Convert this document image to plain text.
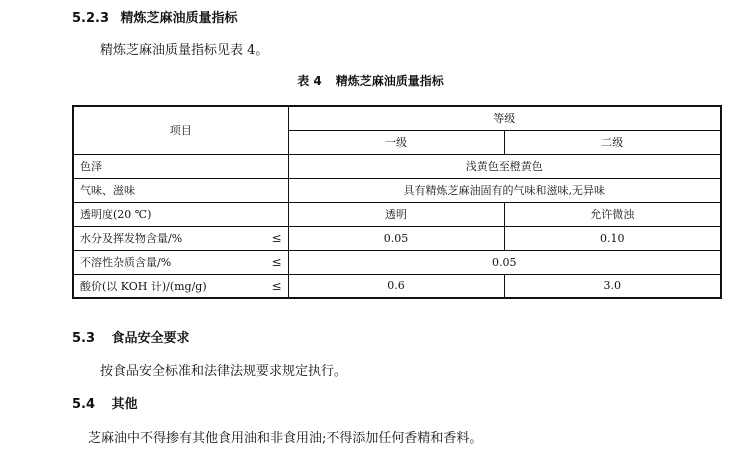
5.2.3 精炼芝麻油质量指标
精炼芝麻油质量指标见表 4。
表 4 精炼芝麻油质量指标
项目		等级	
		一级	二级
色泽		浅黄色至橙黄色	
气味、滋味		具有精炼芝麻油固有的气味和滋味,无异味	
透明度(20 ℃)		透明	允许微浊
水分及挥发物含量/%	≤	0.05	0.10
不溶性杂质含量/%	≤	0.05	
酸价(以 KOH 计)/(mg/g)	≤	0.6	3.0
5.3 食品安全要求
按食品安全标准和法律法规要求规定执行。
5.4 其他
芝麻油中不得掺有其他食用油和非食用油;不得添加任何香精和香料。
